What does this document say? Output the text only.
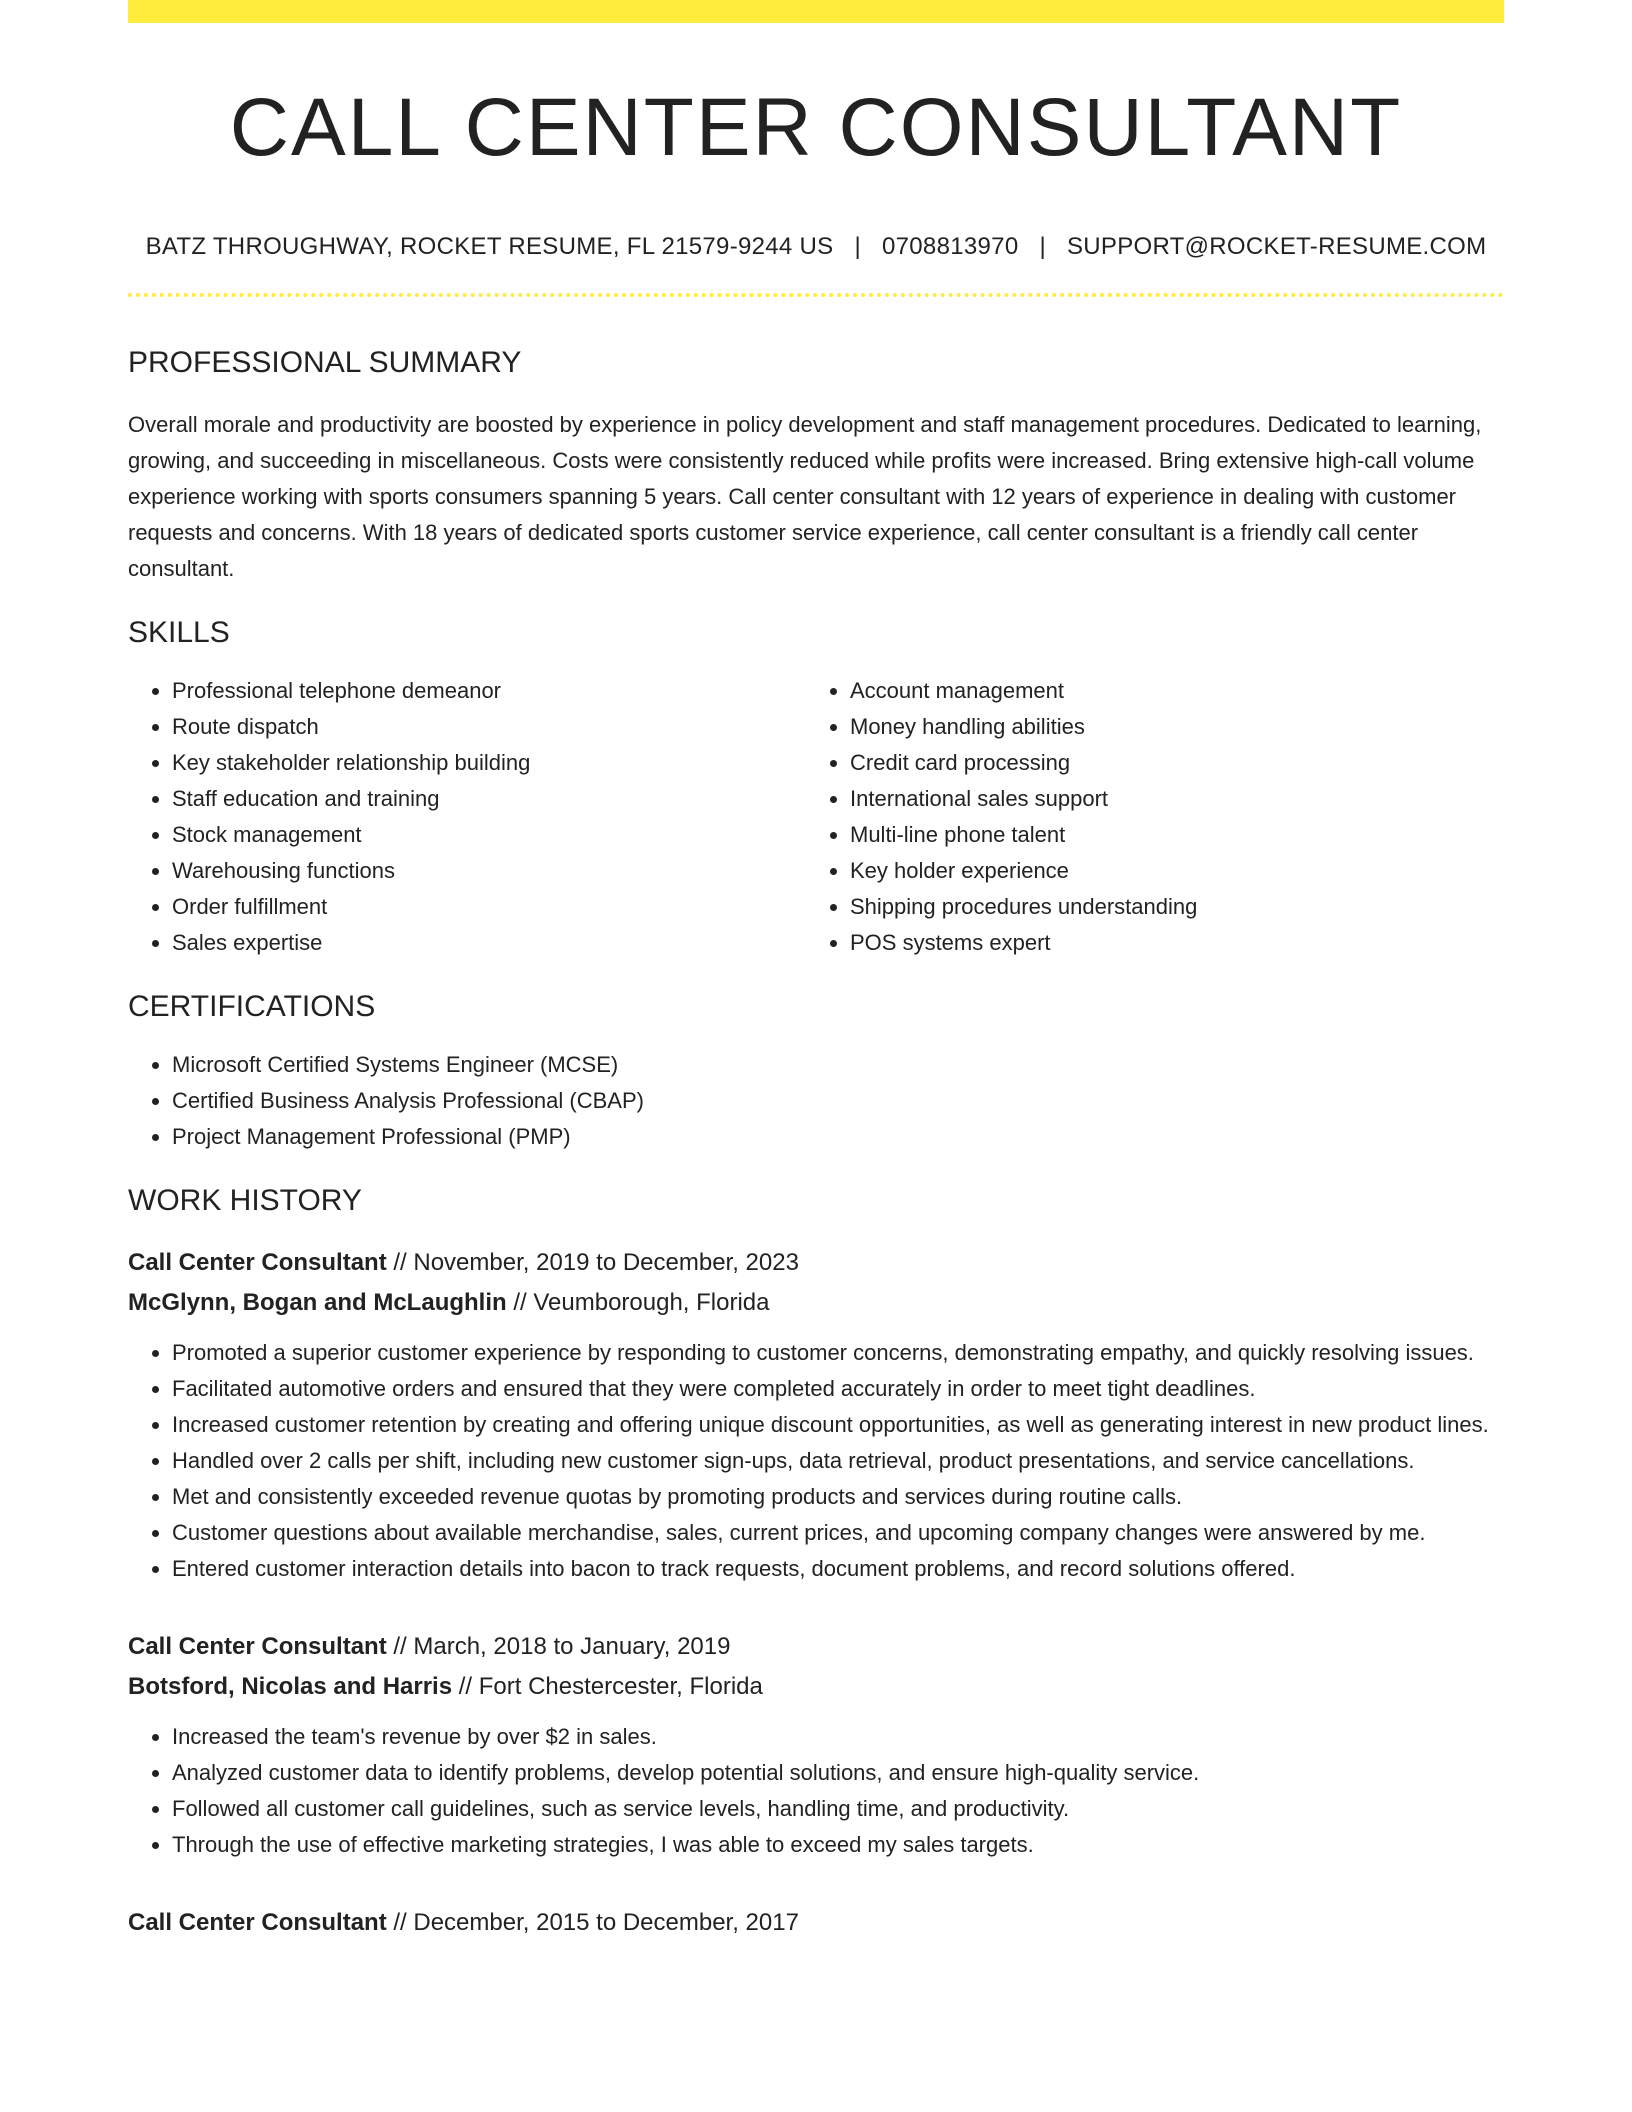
CALL CENTER CONSULTANT
BATZ THROUGHWAY, ROCKET RESUME, FL 21579-9244 US | 0708813970 | SUPPORT@ROCKET-RESUME.COM
PROFESSIONAL SUMMARY

Overall morale and productivity are boosted by experience in policy development and staff management procedures. Dedicated to learning, growing, and succeeding in miscellaneous. Costs were consistently reduced while profits were increased. Bring extensive high-call volume experience working with sports consumers spanning 5 years. Call center consultant with 12 years of experience in dealing with customer requests and concerns. With 18 years of dedicated sports customer service experience, call center consultant is a friendly call center consultant.

SKILLS
• Professional telephone demeanor
• Route dispatch
• Key stakeholder relationship building
• Staff education and training
• Stock management
• Warehousing functions
• Order fulfillment
• Sales expertise
• Account management
• Money handling abilities
• Credit card processing
• International sales support
• Multi-line phone talent
• Key holder experience
• Shipping procedures understanding
• POS systems expert
CERTIFICATIONS
• Microsoft Certified Systems Engineer (MCSE)
• Certified Business Analysis Professional (CBAP)
• Project Management Professional (PMP)
WORK HISTORY
Call Center Consultant // November, 2019 to December, 2023
McGlynn, Bogan and McLaughlin // Veumborough, Florida
• Promoted a superior customer experience by responding to customer concerns, demonstrating empathy, and quickly resolving issues.
• Facilitated automotive orders and ensured that they were completed accurately in order to meet tight deadlines.
• Increased customer retention by creating and offering unique discount opportunities, as well as generating interest in new product lines.
• Handled over 2 calls per shift, including new customer sign-ups, data retrieval, product presentations, and service cancellations.
• Met and consistently exceeded revenue quotas by promoting products and services during routine calls.
• Customer questions about available merchandise, sales, current prices, and upcoming company changes were answered by me.
• Entered customer interaction details into bacon to track requests, document problems, and record solutions offered.
Call Center Consultant // March, 2018 to January, 2019
Botsford, Nicolas and Harris // Fort Chestercester, Florida
• Increased the team's revenue by over $2 in sales.
• Analyzed customer data to identify problems, develop potential solutions, and ensure high-quality service.
• Followed all customer call guidelines, such as service levels, handling time, and productivity.
• Through the use of effective marketing strategies, I was able to exceed my sales targets.
Call Center Consultant // December, 2015 to December, 2017
